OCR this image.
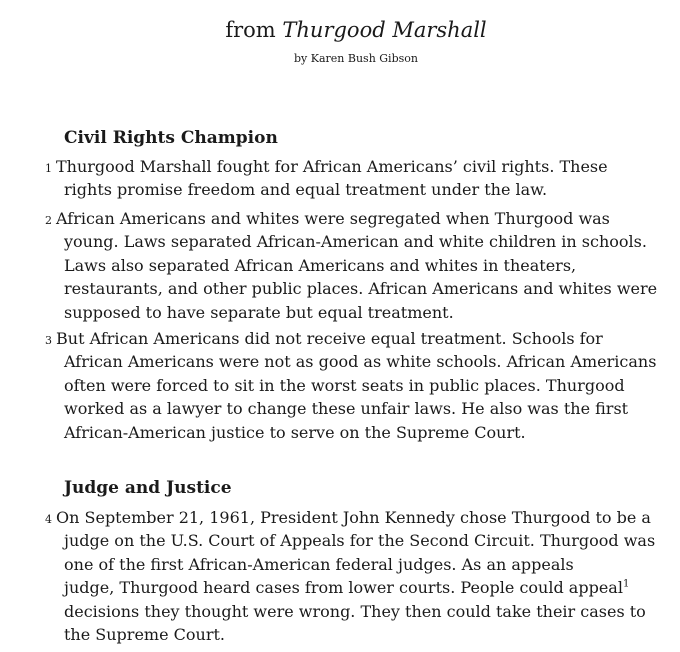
from Thurgood Marshall
by Karen Bush Gibson
Civil Rights Champion
1 Thurgood Marshall fought for African Americans’ civil rights. These
rights promise freedom and equal treatment under the law.
2 African Americans and whites were segregated when Thurgood was
young. Laws separated African-American and white children in schools.
Laws also separated African Americans and whites in theaters,
restaurants, and other public places. African Americans and whites were
supposed to have separate but equal treatment.
3 But African Americans did not receive equal treatment. Schools for
African Americans were not as good as white schools. African Americans
often were forced to sit in the worst seats in public places. Thurgood
worked as a lawyer to change these unfair laws. He also was the first
African-American justice to serve on the Supreme Court.
Judge and Justice
4 On September 21, 1961, President John Kennedy chose Thurgood to be a
judge on the U.S. Court of Appeals for the Second Circuit. Thurgood was
one of the first African-American federal judges. As an appeals
judge, Thurgood heard cases from lower courts. People could appeal$^1$
decisions they thought were wrong. They then could take their cases to
the Supreme Court.
